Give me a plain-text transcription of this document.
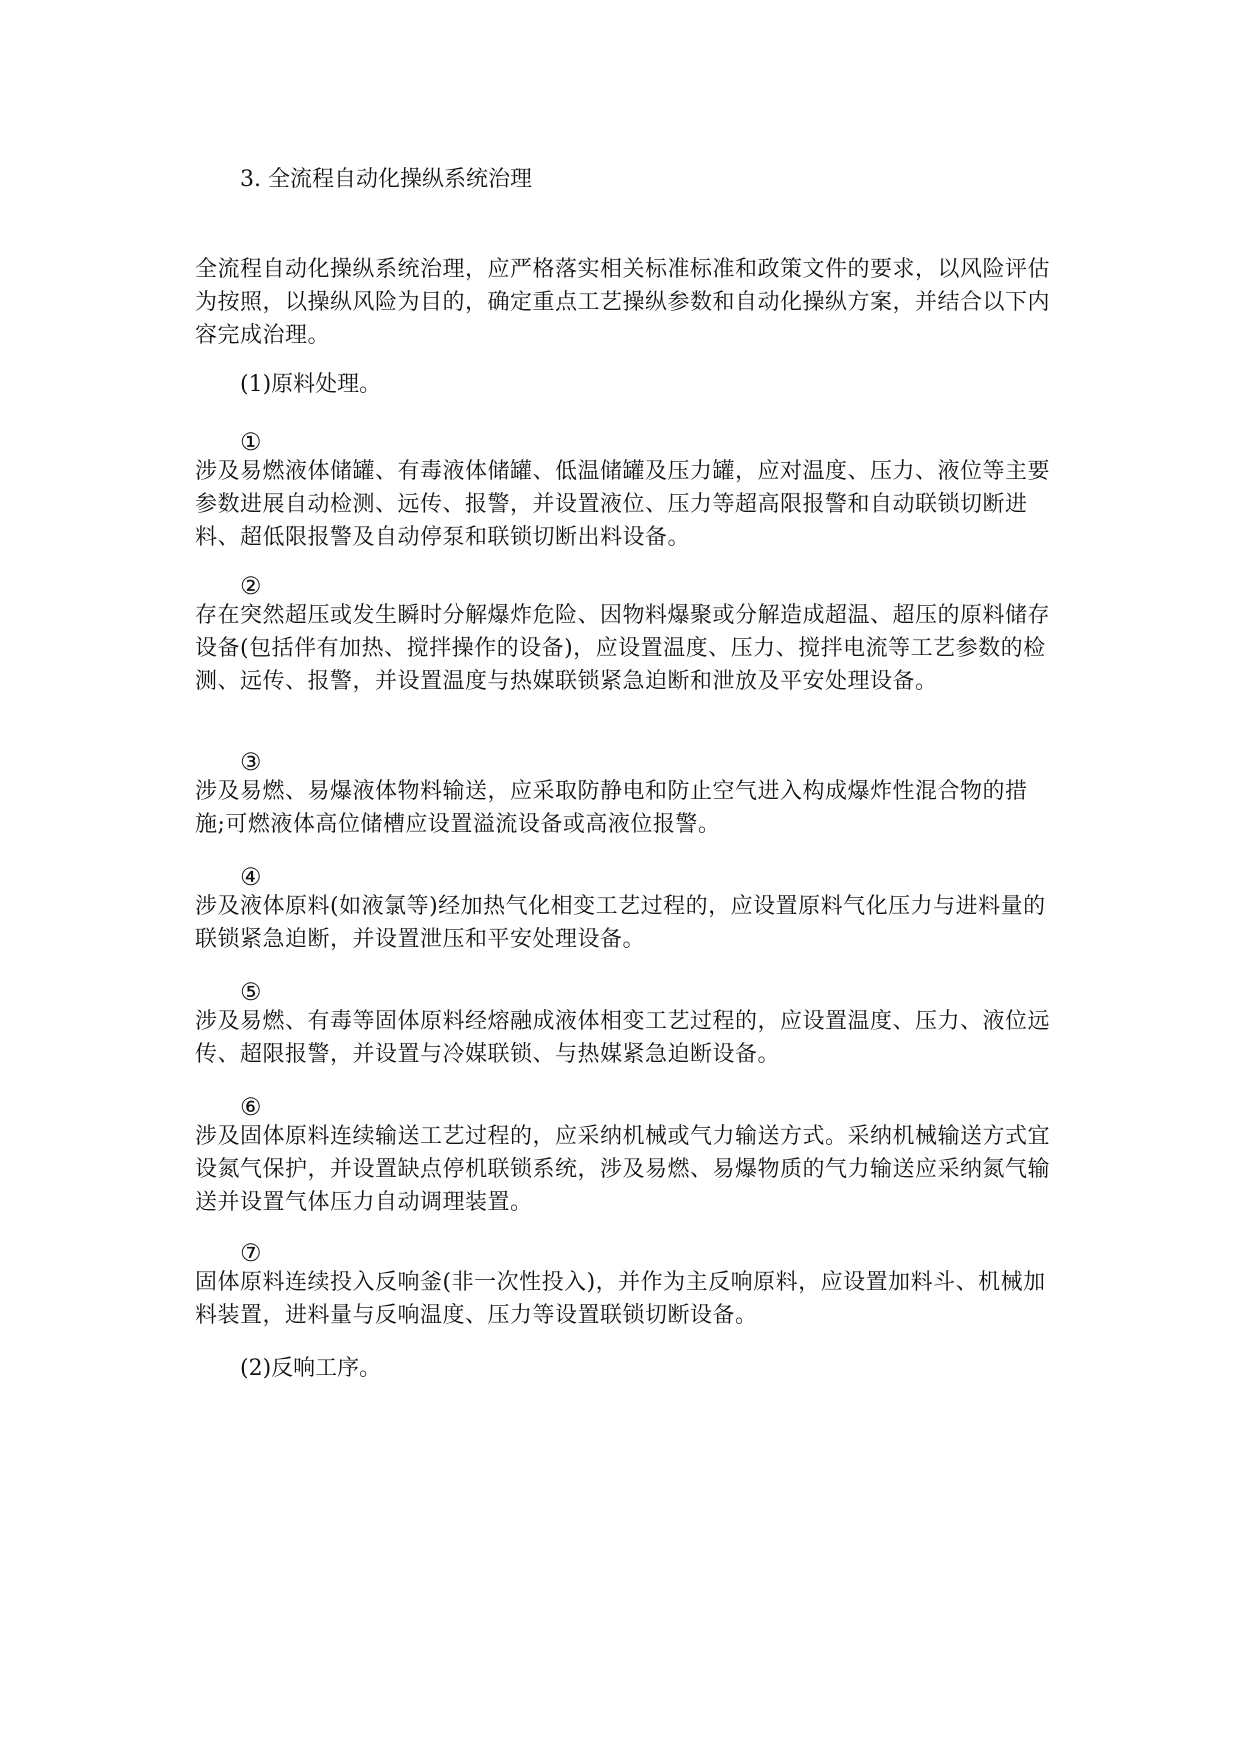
3. 全流程自动化操纵系统治理

全流程自动化操纵系统治理，应严格落实相关标准标准和政策文件的要求，以风险评估为按照，以操纵风险为目的，确定重点工艺操纵参数和自动化操纵方案，并结合以下内容完成治理。

(1)原料处理。

①

涉及易燃液体储罐、有毒液体储罐、低温储罐及压力罐，应对温度、压力、液位等主要参数进展自动检测、远传、报警，并设置液位、压力等超高限报警和自动联锁切断进料、超低限报警及自动停泵和联锁切断出料设备。

②

存在突然超压或发生瞬时分解爆炸危险、因物料爆聚或分解造成超温、超压的原料储存设备(包括伴有加热、搅拌操作的设备)，应设置温度、压力、搅拌电流等工艺参数的检测、远传、报警，并设置温度与热媒联锁紧急迫断和泄放及平安处理设备。

③

涉及易燃、易爆液体物料输送，应采取防静电和防止空气进入构成爆炸性混合物的措施;可燃液体高位储槽应设置溢流设备或高液位报警。

④

涉及液体原料(如液氯等)经加热气化相变工艺过程的，应设置原料气化压力与进料量的联锁紧急迫断，并设置泄压和平安处理设备。

⑤

涉及易燃、有毒等固体原料经熔融成液体相变工艺过程的，应设置温度、压力、液位远传、超限报警，并设置与冷媒联锁、与热媒紧急迫断设备。

⑥

涉及固体原料连续输送工艺过程的，应采纳机械或气力输送方式。采纳机械输送方式宜设氮气保护，并设置缺点停机联锁系统，涉及易燃、易爆物质的气力输送应采纳氮气输送并设置气体压力自动调理装置。

⑦

固体原料连续投入反响釜(非一次性投入)，并作为主反响原料，应设置加料斗、机械加料装置，进料量与反响温度、压力等设置联锁切断设备。

(2)反响工序。
